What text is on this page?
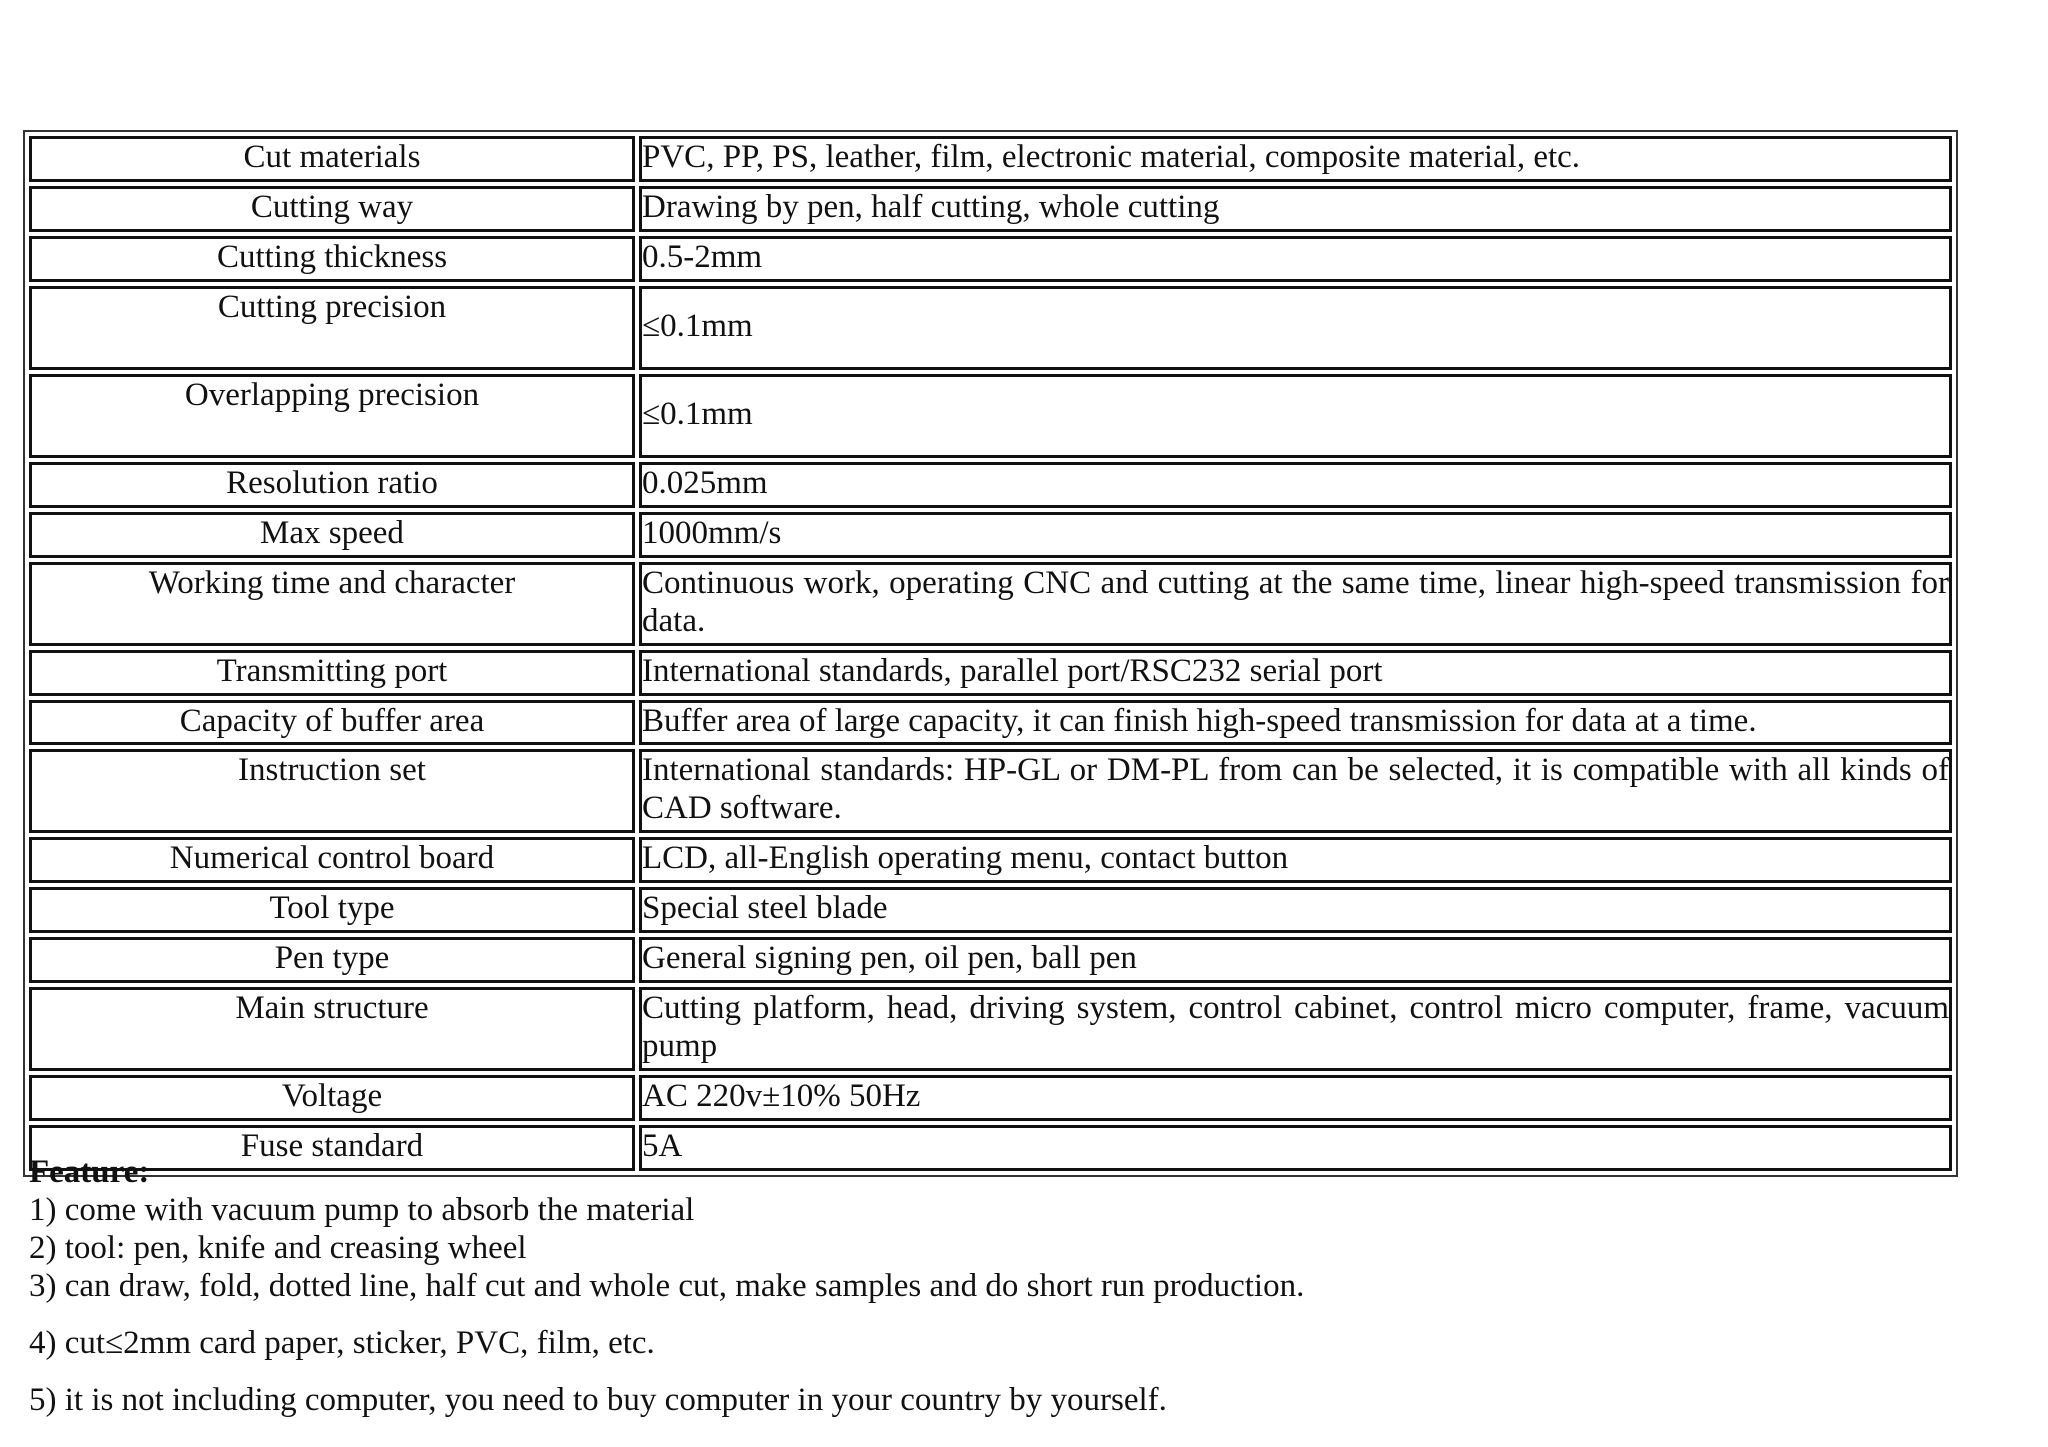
Cut materials	PVC, PP, PS, leather, film, electronic material, composite material, etc.
Cutting way	Drawing by pen, half cutting, whole cutting
Cutting thickness	0.5-2mm
Cutting precision	≤0.1mm
Overlapping precision	≤0.1mm
Resolution ratio	0.025mm
Max speed	1000mm/s
Working time and character	Continuous work, operating CNC and cutting at the same time, linear high-speed transmission for data.
Transmitting port	International standards, parallel port/RSC232 serial port
Capacity of buffer area	Buffer area of large capacity, it can finish high-speed transmission for data at a time.
Instruction set	International standards: HP-GL or DM-PL from can be selected, it is compatible with all kinds of CAD software.
Numerical control board	LCD, all-English operating menu, contact button
Tool type	Special steel blade
Pen type	General signing pen, oil pen, ball pen
Main structure	Cutting platform, head, driving system, control cabinet, control micro computer, frame, vacuum pump
Voltage	AC 220v±10% 50Hz
Fuse standard	5A
Feature:
1) come with vacuum pump to absorb the material
2) tool: pen, knife and creasing wheel
3) can draw, fold, dotted line, half cut and whole cut, make samples and do short run production.
4) cut≤2mm card paper, sticker, PVC, film, etc.
5) it is not including computer, you need to buy computer in your country by yourself.
